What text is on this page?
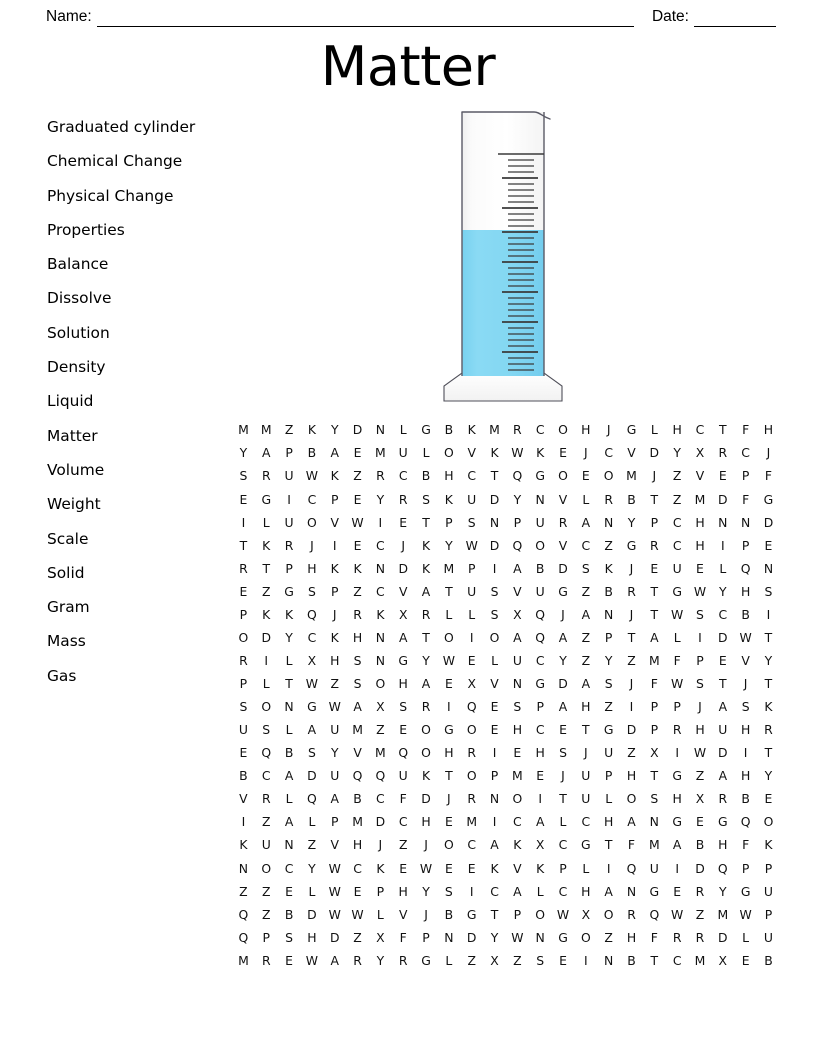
Name:	Date:
Matter
Graduated cylinder
Chemical Change
Physical Change
Properties
Balance
Dissolve
Solution
Density
Liquid
Matter
Volume
Weight
Scale
Solid
Gram
Mass
Gas
M M	Z	K	Y	D	N	L	G	B	K	M	R	C	O	H	J	G	L	H	C	T	F	H
Y	A	P	B	A	E	M	U	L	O	V	K	W	K	E	J	C	V	D	Y	X	R	C	J
S	R	U W	K	Z	R	C	B	H	C	T	Q	G	O	E	O	M	J	Z	V	E	P	F
E	G	I	C	P	E	Y	R	S	K	U	D	Y	N	V	L	R	B	T	Z	M	D	F	G
I	L	U	O	V	W	I	E	T	P	S	N	P	U	R	A	N	Y	P	C	H	N	N	D
T	K	R	J	I	E	C	J	K	Y	W D	Q	O	V	C	Z	G	R	C	H	I	P	E
R	T	P	H	K	K	N	D	K	M	P	I	A	B	D	S	K	J	E	U	E	L	Q	N
E	Z	G	S	P	Z	C	V	A	T	U	S	V	U	G	Z	B	R	T	G W	Y	H	S
P	K	K	Q	J	R	K	X	R	L	L	S	X	Q	J	A	N	J	T	W	S	C	B	I
O	D	Y	C	K	H	N	A	T	O	I	O	A	Q	A	Z	P	T	A	L	I	D W	T
R	I	L	X	H	S	N	G	Y	W	E	L	U	C	Y	Z	Y	Z	M	F	P	E	V	Y
P	L	T	W	Z	S	O	H	A	E	X	V	N	G	D	A	S	J	F	W	S	T	J	T
S	O	N	G W	A	X	S	R	I	Q	E	S	P	A	H	Z	I	P	P	J	A	S	K
U	S	L	A	U	M	Z	E	O	G	O	E	H	C	E	T	G	D	P	R	H	U	H	R
E	Q	B	S	Y	V	M	Q	O	H	R	I	E	H	S	J	U	Z	X	I	W D	I	T
B	C	A	D	U	Q	Q	U	K	T	O	P	M	E	J	U	P	H	T	G	Z	A	H	Y
V	R	L	Q	A	B	C	F	D	J	R	N	O	I	T	U	L	O	S	H	X	R	B	E
I	Z	A	L	P	M	D	C	H	E	M	I	C	A	L	C	H	A	N	G	E	G	Q	O
K	U	N	Z	V	H	J	Z	J	O	C	A	K	X	C	G	T	F	M	A	B	H	F	K
N	O	C	Y	W C	K	E	W	E	E	K	V	K	P	L	I	Q	U	I	D	Q	P	P
Z	Z	E	L	W	E	P	H	Y	S	I	C	A	L	C	H	A	N	G	E	R	Y	G	U
Q	Z	B	D W W	L	V	J	B	G	T	P	O W	X	O	R	Q W	Z	M W	P
Q	P	S	H	D	Z	X	F	P	N	D	Y	W N	G	O	Z	H	F	R	R	D	L	U
M	R	E	W	A	R	Y	R	G	L	Z	X	Z	S	E	I	N	B	T	C	M	X	E	B
